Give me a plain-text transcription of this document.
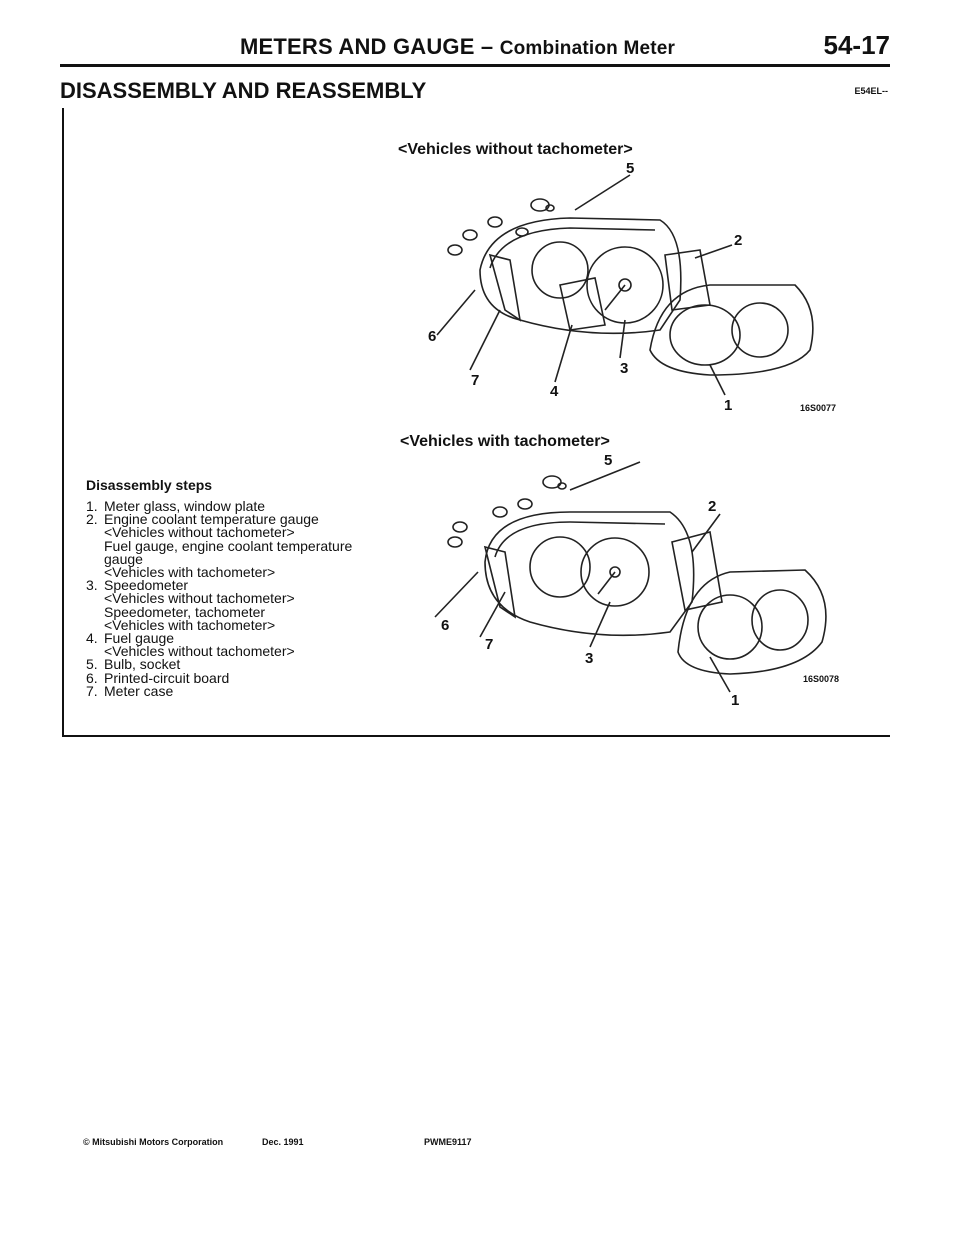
METERS AND GAUGE – Combination Meter	54-17
DISASSEMBLY AND REASSEMBLY	E54EL--
<Vehicles without tachometer>
5
2
6
3
7
4
1	16S0077
<Vehicles with tachometer>
5
2
6
7
3
1
16S0078
Disassembly steps
1. Meter glass, window plate
2. Engine coolant temperature gauge
<Vehicles without tachometer>
Fuel gauge, engine coolant temperature
gauge
<Vehicles with tachometer>
3. Speedometer
<Vehicles without tachometer>
Speedometer, tachometer
<Vehicles with tachometer>
4. Fuel gauge
<Vehicles without tachometer>
5. Bulb, socket
6. Printed-circuit board
7. Meter case
© Mitsubishi Motors Corporation	Dec. 1991	PWME9117
